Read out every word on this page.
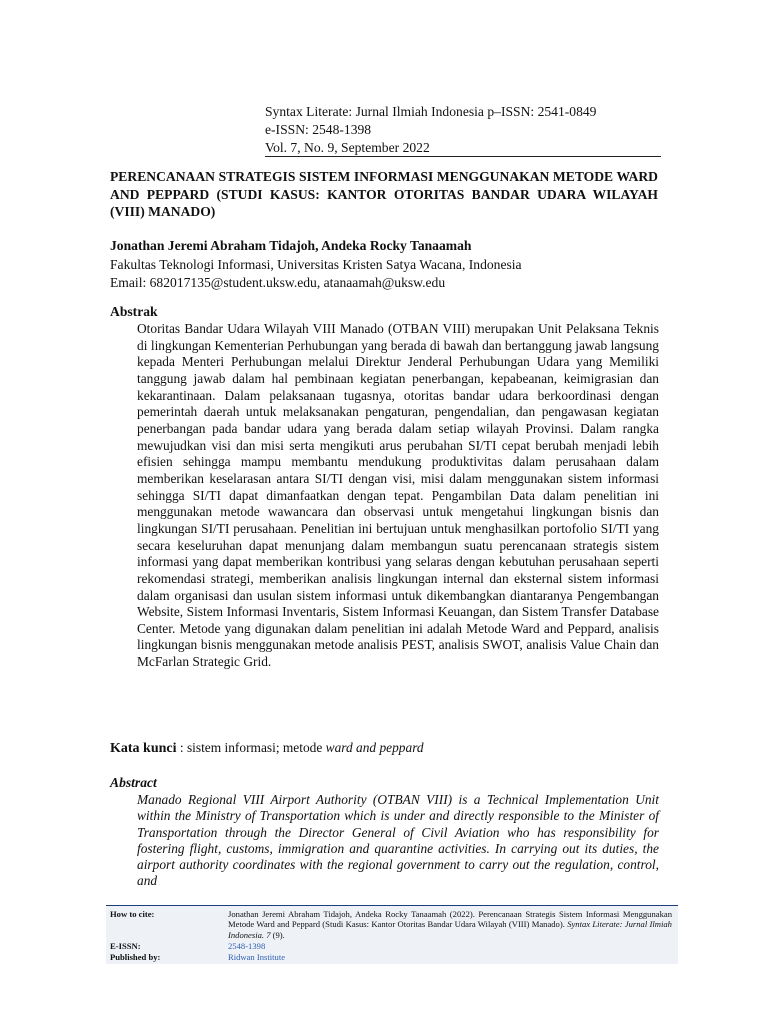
Syntax Literate: Jurnal Ilmiah Indonesia p–ISSN: 2541-0849
e-ISSN: 2548-1398
Vol. 7, No. 9, September 2022
PERENCANAAN STRATEGIS SISTEM INFORMASI MENGGUNAKAN METODE WARD AND PEPPARD (STUDI KASUS: KANTOR OTORITAS BANDAR UDARA WILAYAH (VIII) MANADO)
Jonathan Jeremi Abraham Tidajoh, Andeka Rocky Tanaamah
Fakultas Teknologi Informasi, Universitas Kristen Satya Wacana, Indonesia
Email: 682017135@student.uksw.edu, atanaamah@uksw.edu
Abstrak
Otoritas Bandar Udara Wilayah VIII Manado (OTBAN VIII) merupakan Unit Pelaksana Teknis di lingkungan Kementerian Perhubungan yang berada di bawah dan bertanggung jawab langsung kepada Menteri Perhubungan melalui Direktur Jenderal Perhubungan Udara yang Memiliki tanggung jawab dalam hal pembinaan kegiatan penerbangan, kepabeanan, keimigrasian dan kekarantinaan. Dalam pelaksanaan tugasnya, otoritas bandar udara berkoordinasi dengan pemerintah daerah untuk melaksanakan pengaturan, pengendalian, dan pengawasan kegiatan penerbangan pada bandar udara yang berada dalam setiap wilayah Provinsi. Dalam rangka mewujudkan visi dan misi serta mengikuti arus perubahan SI/TI cepat berubah menjadi lebih efisien sehingga mampu membantu mendukung produktivitas dalam perusahaan dalam memberikan keselarasan antara SI/TI dengan visi, misi dalam menggunakan sistem informasi sehingga SI/TI dapat dimanfaatkan dengan tepat. Pengambilan Data dalam penelitian ini menggunakan metode wawancara dan observasi untuk mengetahui lingkungan bisnis dan lingkungan SI/TI perusahaan. Penelitian ini bertujuan untuk menghasilkan portofolio SI/TI yang secara keseluruhan dapat menunjang dalam membangun suatu perencanaan strategis sistem informasi yang dapat memberikan kontribusi yang selaras dengan kebutuhan perusahaan seperti rekomendasi strategi, memberikan analisis lingkungan internal dan eksternal sistem informasi dalam organisasi dan usulan sistem informasi untuk dikembangkan diantaranya Pengembangan Website, Sistem Informasi Inventaris, Sistem Informasi Keuangan, dan Sistem Transfer Database Center. Metode yang digunakan dalam penelitian ini adalah Metode Ward and Peppard, analisis lingkungan bisnis menggunakan metode analisis PEST, analisis SWOT, analisis Value Chain dan McFarlan Strategic Grid.
Kata kunci : sistem informasi; metode ward and peppard
Abstract
Manado Regional VIII Airport Authority (OTBAN VIII) is a Technical Implementation Unit within the Ministry of Transportation which is under and directly responsible to the Minister of Transportation through the Director General of Civil Aviation who has responsibility for fostering flight, customs, immigration and quarantine activities. In carrying out its duties, the airport authority coordinates with the regional government to carry out the regulation, control, and
How to cite:	Jonathan Jeremi Abraham Tidajoh, Andeka Rocky Tanaamah (2022). Perencanaan Strategis Sistem Informasi Menggunakan Metode Ward and Peppard (Studi Kasus: Kantor Otoritas Bandar Udara Wilayah (VIII) Manado). Syntax Literate: Jurnal Ilmiah Indonesia. 7 (9).
E-ISSN:	2548-1398
Published by:	Ridwan Institute
